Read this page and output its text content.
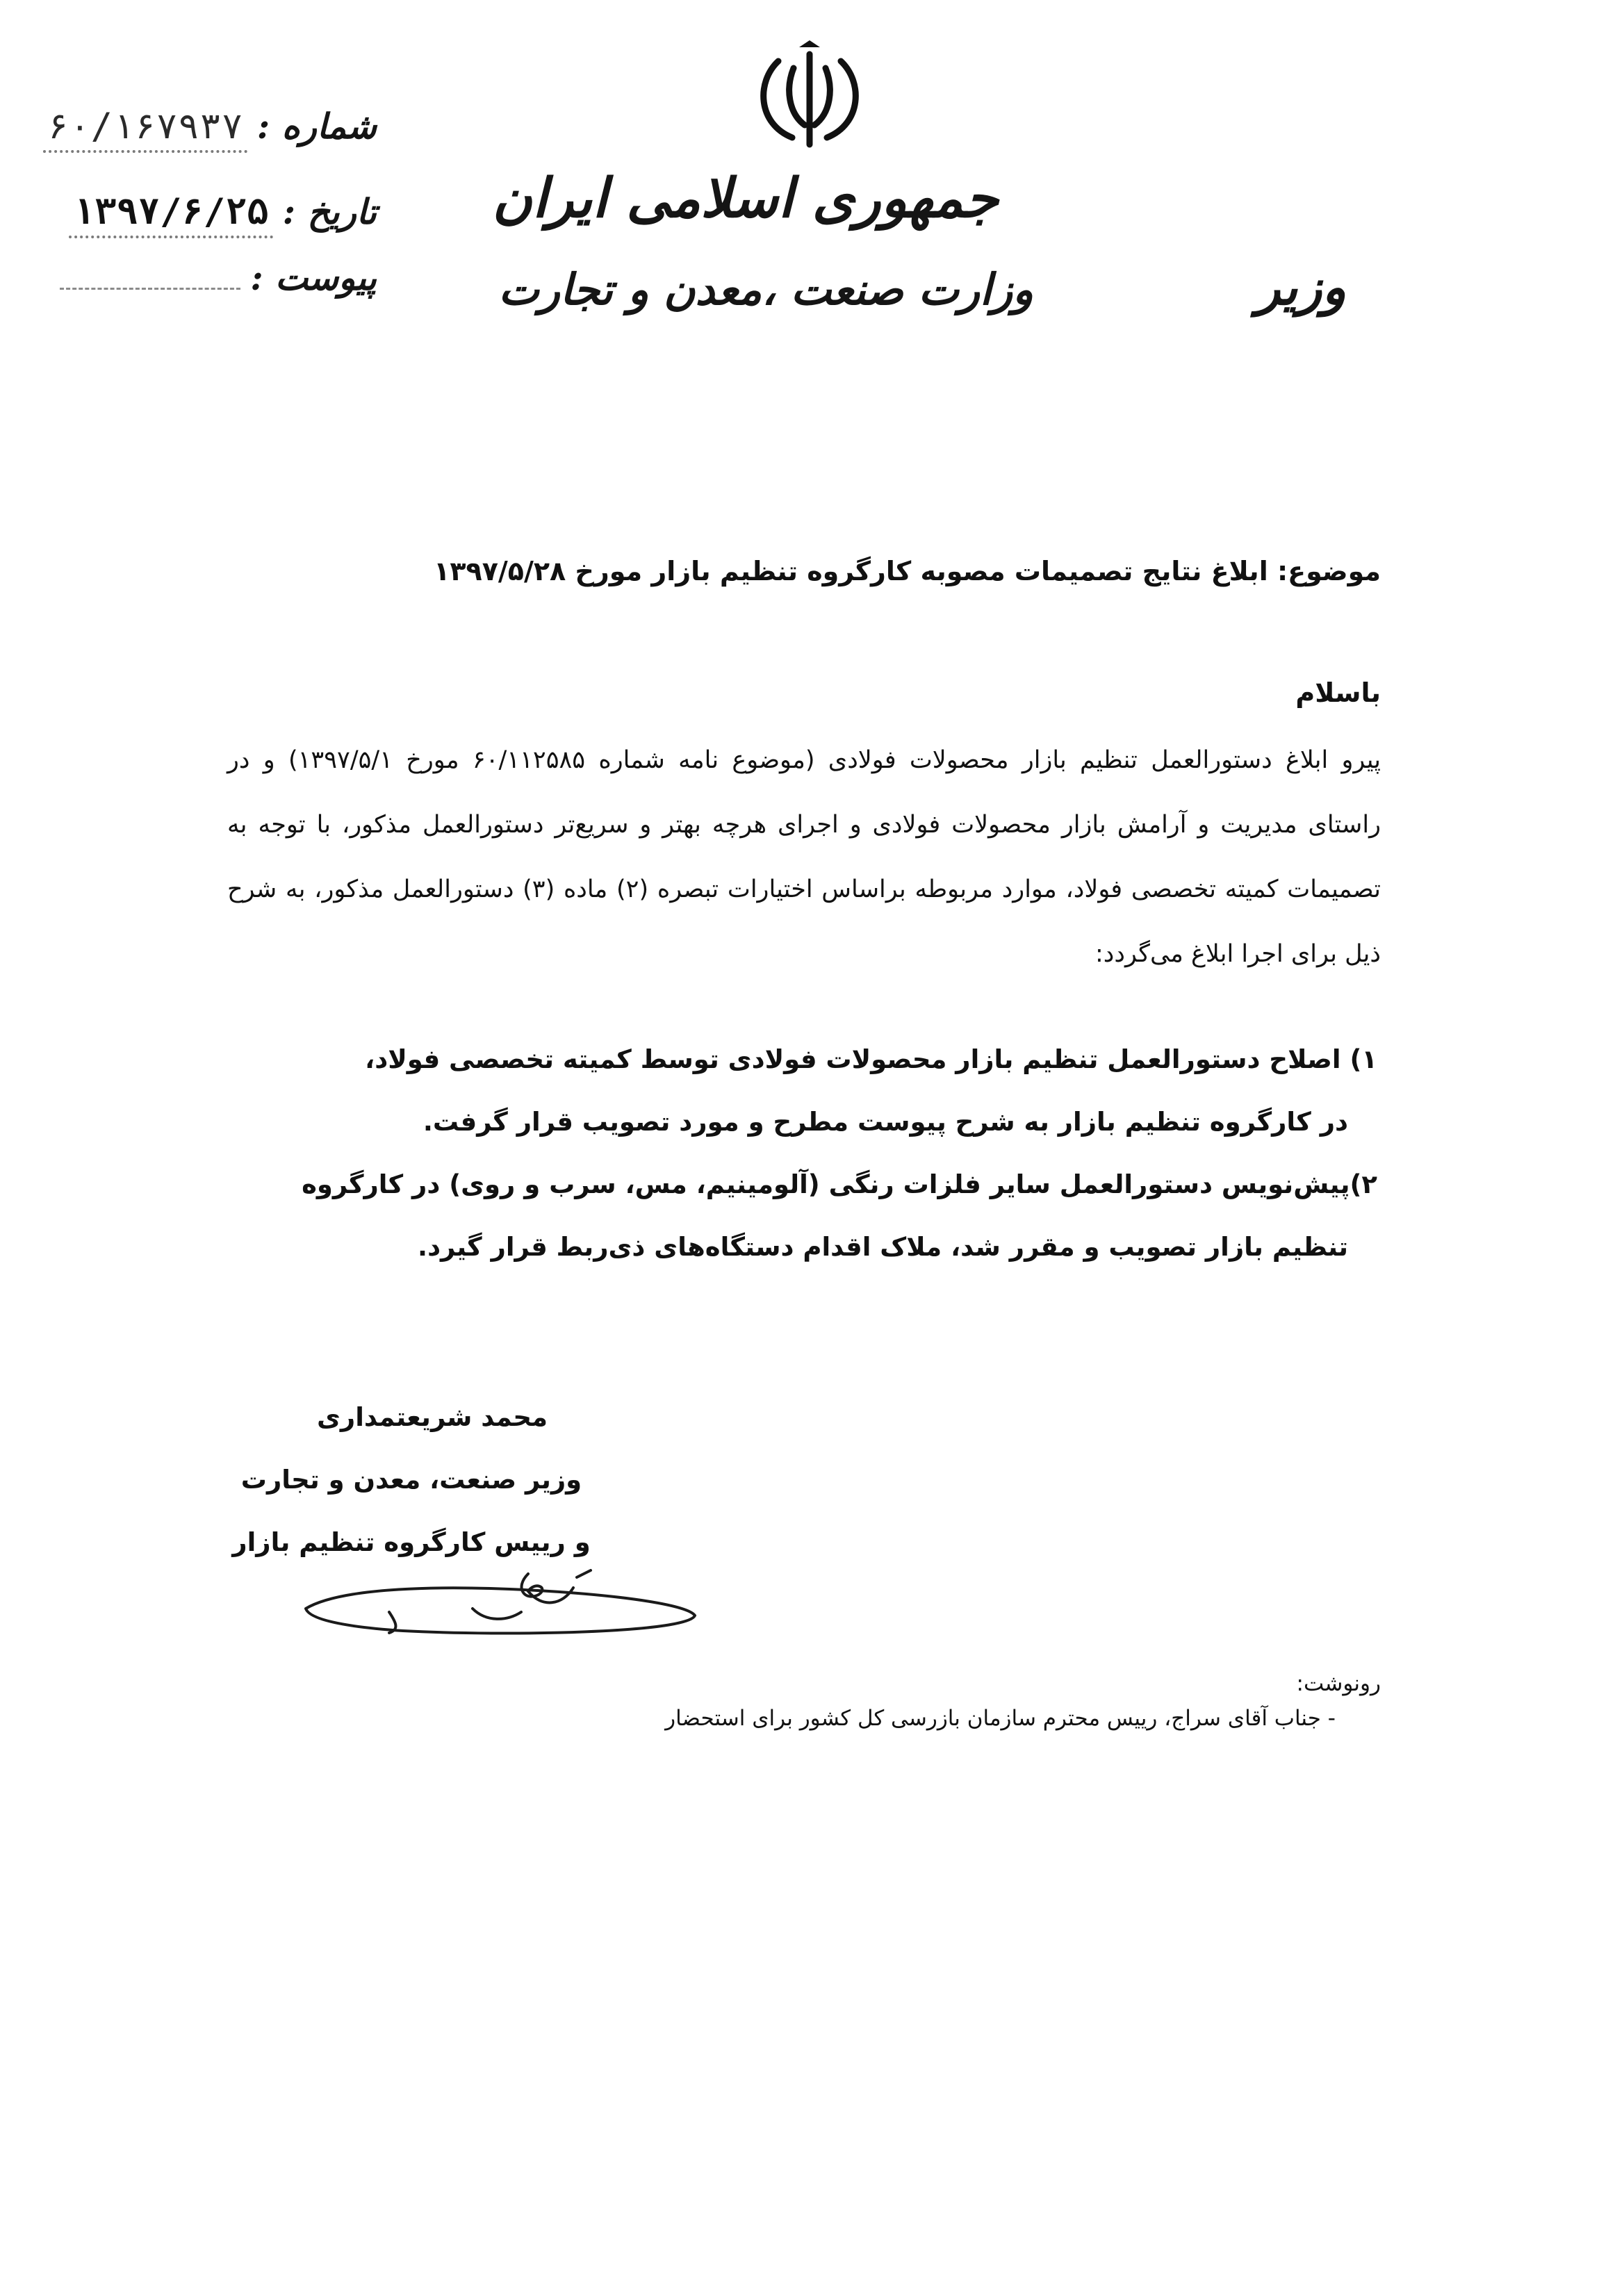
جمهوری اسلامی ایران
وزارت صنعت ،معدن و تجارت	وزیر
شماره :
۶۰/۱۶۷۹۳۷
تاریخ :
۱۳۹۷/۶/۲۵
پیوست :
موضوع: ابلاغ نتایج تصمیمات مصوبه کارگروه تنظیم بازار مورخ ۱۳۹۷/۵/۲۸
باسلام
پیرو ابلاغ دستورالعمل تنظیم بازار محصولات فولادی (موضوع نامه شماره ۶۰/۱۱۲۵۸۵ مورخ ۱۳۹۷/۵/۱) و در راستای مدیریت و آرامش بازار محصولات فولادی و اجرای هرچه بهتر و سریع‌تر دستورالعمل مذکور، با توجه به تصمیمات کمیته تخصصی فولاد، موارد مربوطه براساس اختیارات تبصره (۲) ماده (۳) دستورالعمل مذکور، به شرح ذیل برای اجرا ابلاغ می‌گردد:
۱) اصلاح دستورالعمل تنظیم بازار محصولات فولادی توسط کمیته تخصصی فولاد،
در کارگروه تنظیم بازار به شرح پیوست مطرح و مورد تصویب قرار گرفت.
۲)پیش‌نویس دستورالعمل سایر فلزات رنگی (آلومینیم، مس، سرب و روی) در کارگروه
تنظیم بازار تصویب و مقرر شد، ملاک اقدام دستگاه‌های ذی‌ربط قرار گیرد.
محمد شریعتمداری
وزیر صنعت، معدن و تجارت
و رییس کارگروه تنظیم بازار
رونوشت:
- جناب آقای سراج، رییس محترم سازمان بازرسی کل کشور برای استحضار
